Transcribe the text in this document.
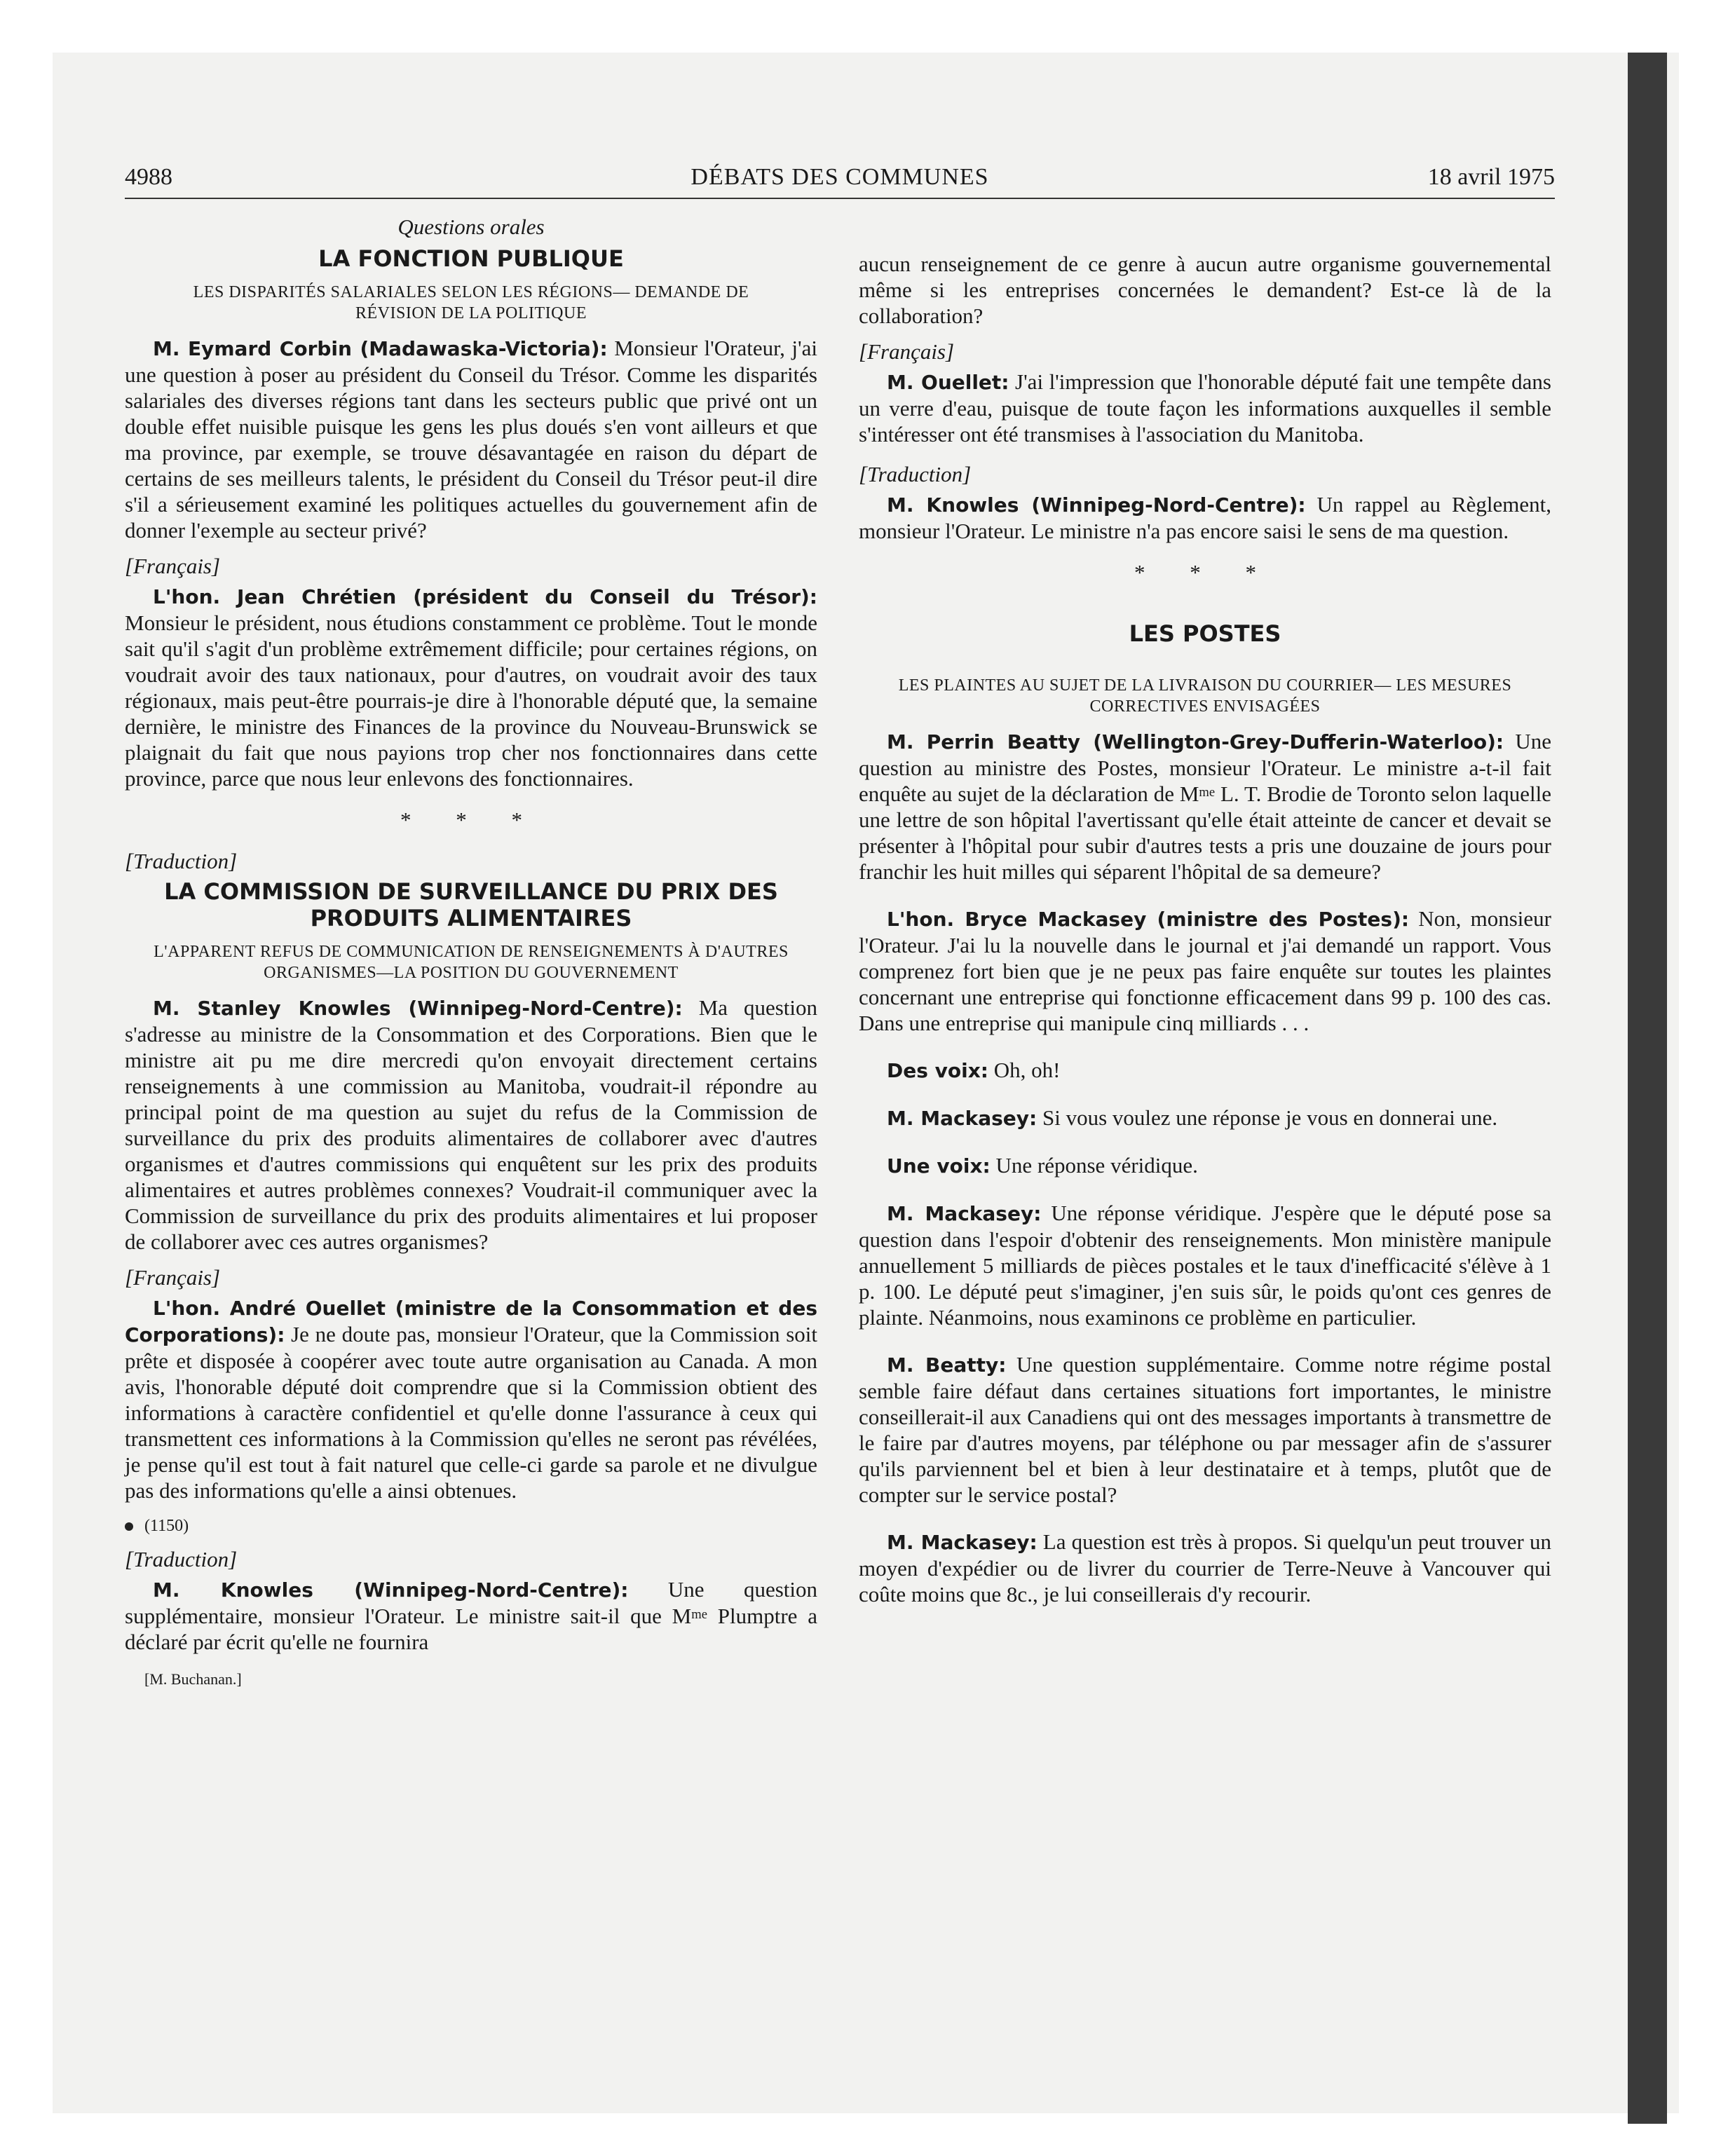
4988	DÉBATS DES COMMUNES	18 avril 1975
Questions orales
LA FONCTION PUBLIQUE
LES DISPARITÉS SALARIALES SELON LES RÉGIONS— DEMANDE DE RÉVISION DE LA POLITIQUE

M. Eymard Corbin (Madawaska-Victoria): Monsieur l'Orateur, j'ai une question à poser au président du Conseil du Trésor. Comme les disparités salariales des diverses régions tant dans les secteurs public que privé ont un double effet nuisible puisque les gens les plus doués s'en vont ailleurs et que ma province, par exemple, se trouve désavantagée en raison du départ de certains de ses meilleurs talents, le président du Conseil du Trésor peut-il dire s'il a sérieusement examiné les politiques actuelles du gouvernement afin de donner l'exemple au secteur privé?

[Français]

L'hon. Jean Chrétien (président du Conseil du Trésor): Monsieur le président, nous étudions constamment ce problème. Tout le monde sait qu'il s'agit d'un problème extrêmement difficile; pour certaines régions, on voudrait avoir des taux nationaux, pour d'autres, on voudrait avoir des taux régionaux, mais peut-être pourrais-je dire à l'honorable député que, la semaine dernière, le ministre des Finances de la province du Nouveau-Brunswick se plaignait du fait que nous payions trop cher nos fonctionnaires dans cette province, parce que nous leur enlevons des fonctionnaires.

* * *
[Traduction]
LA COMMISSION DE SURVEILLANCE DU PRIX DES PRODUITS ALIMENTAIRES
L'APPARENT REFUS DE COMMUNICATION DE RENSEIGNEMENTS À D'AUTRES ORGANISMES—LA POSITION DU GOUVERNEMENT

M. Stanley Knowles (Winnipeg-Nord-Centre): Ma question s'adresse au ministre de la Consommation et des Corporations. Bien que le ministre ait pu me dire mercredi qu'on envoyait directement certains renseignements à une commission au Manitoba, voudrait-il répondre au principal point de ma question au sujet du refus de la Commission de surveillance du prix des produits alimentaires de collaborer avec d'autres organismes et d'autres commissions qui enquêtent sur les prix des produits alimentaires et autres problèmes connexes? Voudrait-il communiquer avec la Commission de surveillance du prix des produits alimentaires et lui proposer de collaborer avec ces autres organismes?

[Français]

L'hon. André Ouellet (ministre de la Consommation et des Corporations): Je ne doute pas, monsieur l'Orateur, que la Commission soit prête et disposée à coopérer avec toute autre organisation au Canada. A mon avis, l'honorable député doit comprendre que si la Commission obtient des informations à caractère confidentiel et qu'elle donne l'assurance à ceux qui transmettent ces informations à la Commission qu'elles ne seront pas révélées, je pense qu'il est tout à fait naturel que celle-ci garde sa parole et ne divulgue pas des informations qu'elle a ainsi obtenues.

(1150)
[Traduction]

M. Knowles (Winnipeg-Nord-Centre): Une question supplémentaire, monsieur l'Orateur. Le ministre sait-il que $M^{me}$ Plumptre a déclaré par écrit qu'elle ne fournira

[M. Buchanan.]

aucun renseignement de ce genre à aucun autre organisme gouvernemental même si les entreprises concernées le demandent? Est-ce là de la collaboration?

[Français]

M. Ouellet: J'ai l'impression que l'honorable député fait une tempête dans un verre d'eau, puisque de toute façon les informations auxquelles il semble s'intéresser ont été transmises à l'association du Manitoba.

[Traduction]

M. Knowles (Winnipeg-Nord-Centre): Un rappel au Règlement, monsieur l'Orateur. Le ministre n'a pas encore saisi le sens de ma question.

* * *
LES POSTES
LES PLAINTES AU SUJET DE LA LIVRAISON DU COURRIER— LES MESURES CORRECTIVES ENVISAGÉES

M. Perrin Beatty (Wellington-Grey-Dufferin-Waterloo): Une question au ministre des Postes, monsieur l'Orateur. Le ministre a-t-il fait enquête au sujet de la déclaration de $M^{me}$ L. T. Brodie de Toronto selon laquelle une lettre de son hôpital l'avertissant qu'elle était atteinte de cancer et devait se présenter à l'hôpital pour subir d'autres tests a pris une douzaine de jours pour franchir les huit milles qui séparent l'hôpital de sa demeure?

L'hon. Bryce Mackasey (ministre des Postes): Non, monsieur l'Orateur. J'ai lu la nouvelle dans le journal et j'ai demandé un rapport. Vous comprenez fort bien que je ne peux pas faire enquête sur toutes les plaintes concernant une entreprise qui fonctionne efficacement dans 99 p. 100 des cas. Dans une entreprise qui manipule cinq milliards . . .

Des voix: Oh, oh!

M. Mackasey: Si vous voulez une réponse je vous en donnerai une.

Une voix: Une réponse véridique.

M. Mackasey: Une réponse véridique. J'espère que le député pose sa question dans l'espoir d'obtenir des renseignements. Mon ministère manipule annuellement 5 milliards de pièces postales et le taux d'inefficacité s'élève à 1 p. 100. Le député peut s'imaginer, j'en suis sûr, le poids qu'ont ces genres de plainte. Néanmoins, nous examinons ce problème en particulier.

M. Beatty: Une question supplémentaire. Comme notre régime postal semble faire défaut dans certaines situations fort importantes, le ministre conseillerait-il aux Canadiens qui ont des messages importants à transmettre de le faire par d'autres moyens, par téléphone ou par messager afin de s'assurer qu'ils parviennent bel et bien à leur destinataire et à temps, plutôt que de compter sur le service postal?

M. Mackasey: La question est très à propos. Si quelqu'un peut trouver un moyen d'expédier ou de livrer du courrier de Terre-Neuve à Vancouver qui coûte moins que 8c., je lui conseillerais d'y recourir.
